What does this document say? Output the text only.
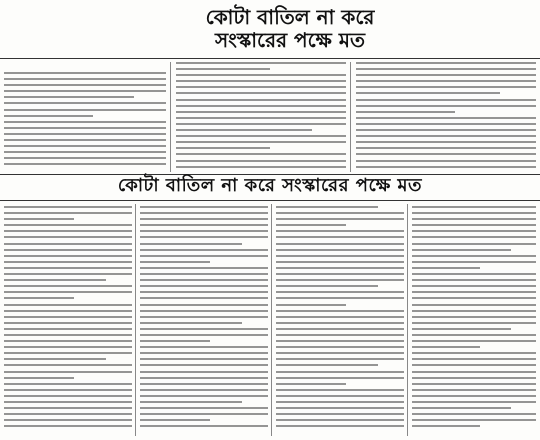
কোটা বাতিল না করে
সংস্কারের পক্ষে মত
কোটা বাতিল না করে সংস্কারের পক্ষে মত
